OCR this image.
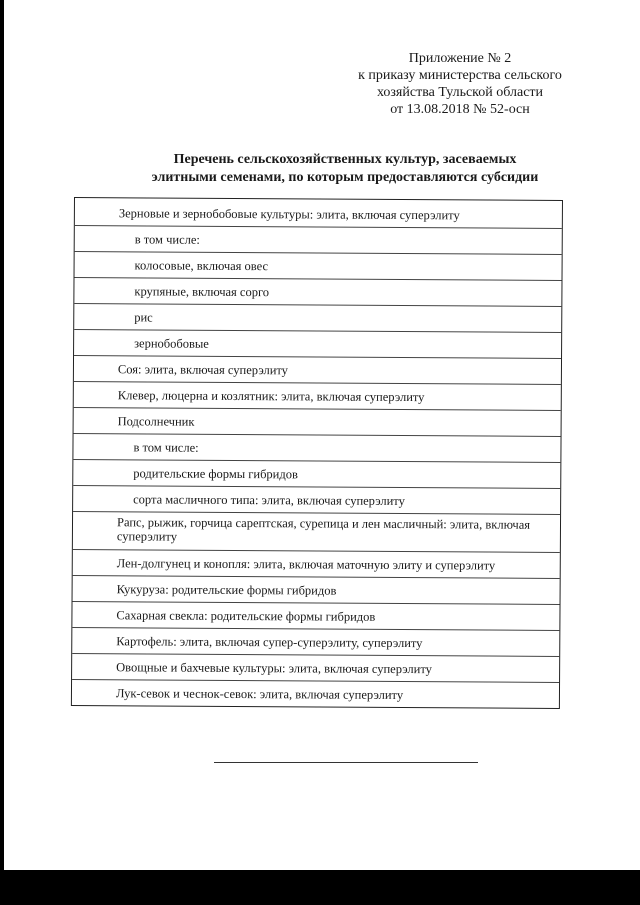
Приложение № 2
к приказу министерства сельского
хозяйства Тульской области
от 13.08.2018 № 52-осн
Перечень сельскохозяйственных культур, засеваемых
элитными семенами, по которым предоставляются субсидии
Зерновые и зернобобовые культуры: элита, включая суперэлиту
в том числе:
колосовые, включая овес
крупяные, включая сорго
рис
зернобобовые
Соя: элита, включая суперэлиту
Клевер, люцерна и козлятник: элита, включая суперэлиту
Подсолнечник
в том числе:
родительские формы гибридов
сорта масличного типа: элита, включая суперэлиту
Рапс, рыжик, горчица сарептская, сурепица и лен масличный: элита, включая суперэлиту
Лен-долгунец и конопля: элита, включая маточную элиту и суперэлиту
Кукуруза: родительские формы гибридов
Сахарная свекла: родительские формы гибридов
Картофель: элита, включая супер-суперэлиту, суперэлиту
Овощные и бахчевые культуры: элита, включая суперэлиту
Лук-севок и чеснок-севок: элита, включая суперэлиту
